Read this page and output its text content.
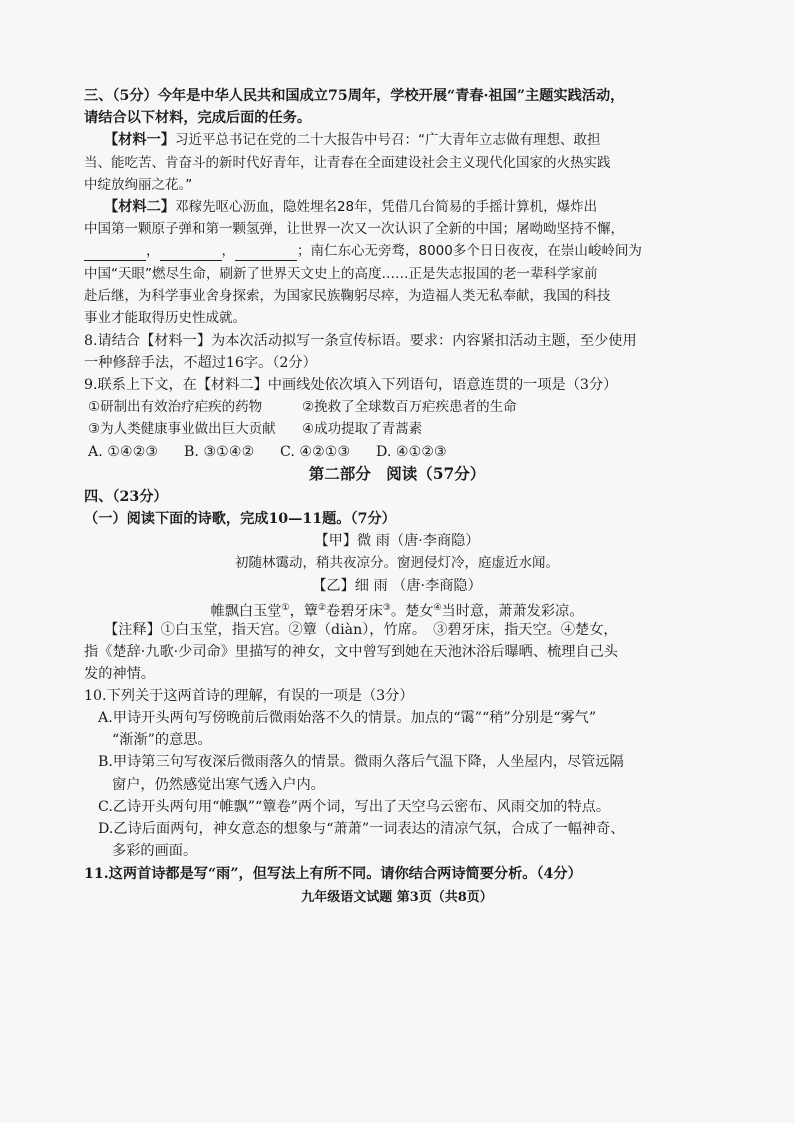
三、（5分）今年是中华人民共和国成立75周年，学校开展“青春·祖国”主题实践活动，
请结合以下材料，完成后面的任务。
【材料一】习近平总书记在党的二十大报告中号召：“广大青年立志做有理想、敢担
当、能吃苦、肯奋斗的新时代好青年，让青春在全面建设社会主义现代化国家的火热实践
中绽放绚丽之花。”
【材料二】邓稼先呕心沥血，隐姓埋名28年，凭借几台简易的手摇计算机，爆炸出
中国第一颗原子弹和第一颗氢弹，让世界一次又一次认识了全新的中国；屠呦呦坚持不懈，
，	，	；南仁东心无旁骛，8000多个日日夜夜，在崇山峻岭间为
中国“天眼”燃尽生命，刷新了世界天文史上的高度……正是失志报国的老一辈科学家前
赴后继，为科学事业舍身探索，为国家民族鞠躬尽瘁，为造福人类无私奉献，我国的科技
事业才能取得历史性成就。
8.请结合【材料一】为本次活动拟写一条宣传标语。要求：内容紧扣活动主题，至少使用
一种修辞手法，不超过16字。（2分）
9.联系上下文，在【材料二】中画线处依次填入下列语句，语意连贯的一项是（3分）
①研制出有效治疗疟疾的药物	②挽救了全球数百万疟疾患者的生命
③为人类健康事业做出巨大贡献 ④成功提取了青蒿素
A. ①④②③ B. ③①④② C. ④②①③ D. ④①②③
第二部分　阅读（57分）
四、（23分）
（一）阅读下面的诗歌，完成10—11题。（7分）
【甲】微 雨（唐·李商隐）
初随林霭动，稍共夜凉分。窗迥侵灯冷，庭虚近水闻。
【乙】细 雨 （唐·李商隐）
帷飘白玉堂①，簟②卷碧牙床③。楚女④当时意，萧萧发彩凉。
【注释】①白玉堂，指天宫。②簟（diàn），竹席。　③碧牙床，指天空。④楚女，
指《楚辞·九歌·少司命》里描写的神女，文中曾写到她在天池沐浴后曝晒、梳理自己头
发的神情。
10.下列关于这两首诗的理解，有误的一项是（3分）
A.甲诗开头两句写傍晚前后微雨始落不久的情景。加点的“霭”“稍”分别是“雾气”
“渐渐”的意思。
B.甲诗第三句写夜深后微雨落久的情景。微雨久落后气温下降，人坐屋内，尽管远隔
窗户，仍然感觉出寒气透入户内。
C.乙诗开头两句用“帷飘”“簟卷”两个词，写出了天空乌云密布、风雨交加的特点。
D.乙诗后面两句，神女意态的想象与“萧萧”一词表达的清凉气氛，合成了一幅神奇、
多彩的画面。
11.这两首诗都是写“雨”，但写法上有所不同。请你结合两诗简要分析。（4分）
九年级语文试题 第3页（共8页）
